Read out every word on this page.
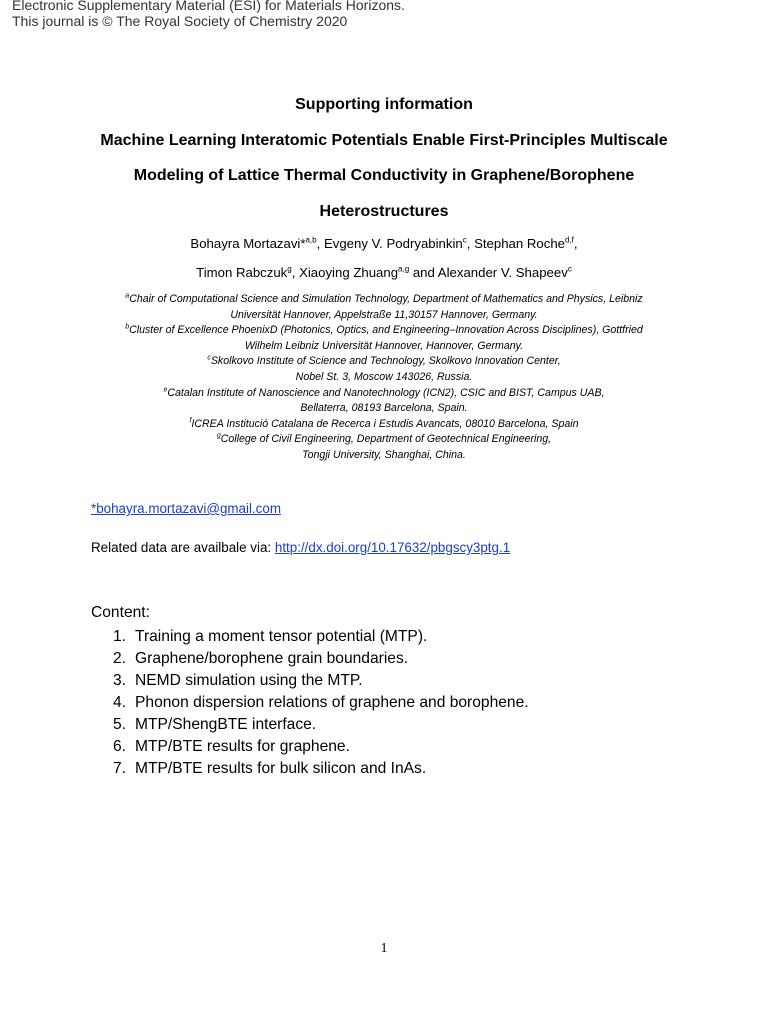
Electronic Supplementary Material (ESI) for Materials Horizons.
This journal is © The Royal Society of Chemistry 2020
Supporting information
Machine Learning Interatomic Potentials Enable First-Principles Multiscale
Modeling of Lattice Thermal Conductivity in Graphene/Borophene
Heterostructures
Bohayra Mortazavi*$^{a,b}$, Evgeny V. Podryabinkin$^c$, Stephan Roche$^{d,f}$,
Timon Rabczuk$^g$, Xiaoying Zhuang$^{a,g}$ and Alexander V. Shapeev$^c$
$^a$Chair of Computational Science and Simulation Technology, Department of Mathematics and Physics, Leibniz
Universität Hannover, Appelstraße 11,30157 Hannover, Germany.
$^b$Cluster of Excellence PhoenixD (Photonics, Optics, and Engineering–Innovation Across Disciplines), Gottfried
Wilhelm Leibniz Universität Hannover, Hannover, Germany.
$^c$Skolkovo Institute of Science and Technology, Skolkovo Innovation Center,
Nobel St. 3, Moscow 143026, Russia.
$^e$Catalan Institute of Nanoscience and Nanotechnology (ICN2), CSIC and BIST, Campus UAB,
Bellaterra, 08193 Barcelona, Spain.
$^f$ICREA Institució Catalana de Recerca i Estudis Avancats, 08010 Barcelona, Spain
$^g$College of Civil Engineering, Department of Geotechnical Engineering,
Tongji University, Shanghai, China.
*bohayra.mortazavi@gmail.com
Related data are availbale via: http://dx.doi.org/10.17632/pbgscy3ptg.1
Content:
1. Training a moment tensor potential (MTP).
2. Graphene/borophene grain boundaries.
3. NEMD simulation using the MTP.
4. Phonon dispersion relations of graphene and borophene.
5. MTP/ShengBTE interface.
6. MTP/BTE results for graphene.
7. MTP/BTE results for bulk silicon and InAs.
1
